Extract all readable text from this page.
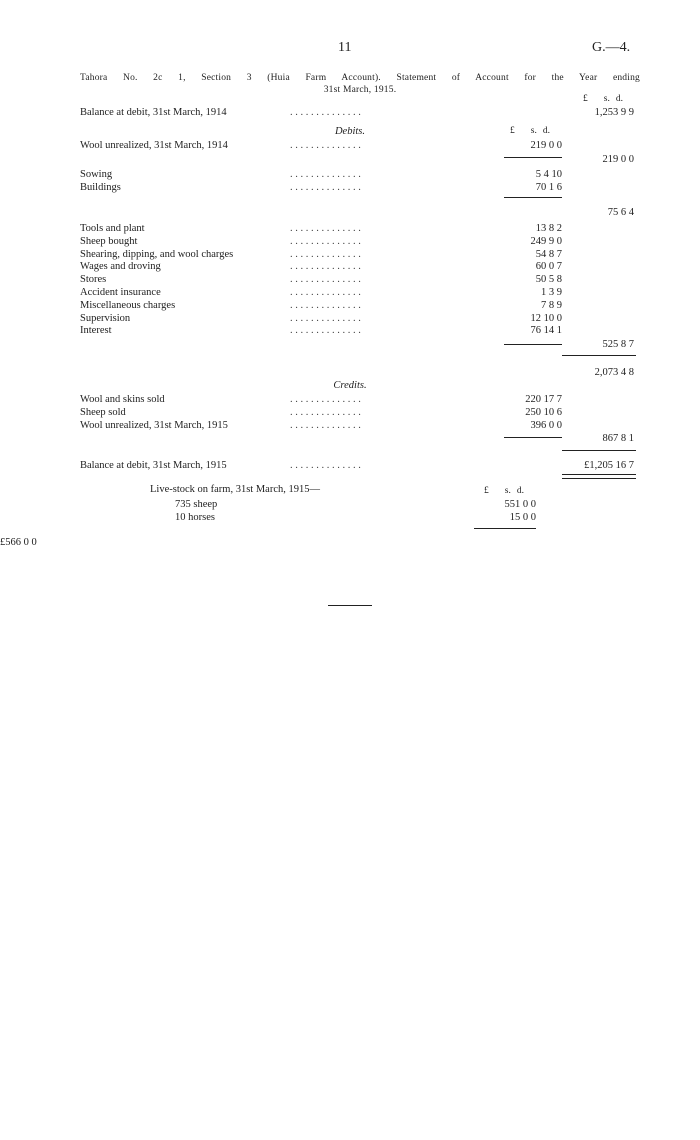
11	G.—4.
Tahora No. 2c 1, Section 3 (Huia Farm Account). Statement of Account for the Year ending
31st March, 1915.
£ s. d.
Balance at debit, 31st March, 1914	. . . . . . . . . . . . . .	1,253 9 9
Debits.	£ s. d.
Wool unrealized, 31st March, 1914	. . . . . . . . . . . . . .	219 0 0
219 0 0
Sowing	. . . . . . . . . . . . . .	5 4 10
Buildings	. . . . . . . . . . . . . .	70 1 6
75 6 4
Tools and plant	. . . . . . . . . . . . . .	13 8 2
Sheep bought	. . . . . . . . . . . . . .	249 9 0
Shearing, dipping, and wool charges	. . . . . . . . . . . . . .	54 8 7
Wages and droving	. . . . . . . . . . . . . .	60 0 7
Stores	. . . . . . . . . . . . . .	50 5 8
Accident insurance	. . . . . . . . . . . . . .	1 3 9
Miscellaneous charges	. . . . . . . . . . . . . .	7 8 9
Supervision	. . . . . . . . . . . . . .	12 10 0
Interest	. . . . . . . . . . . . . .	76 14 1
525 8 7
2,073 4 8
Credits.
Wool and skins sold	. . . . . . . . . . . . . .	220 17 7
Sheep sold	. . . . . . . . . . . . . .	250 10 6
Wool unrealized, 31st March, 1915	. . . . . . . . . . . . . .	396 0 0
867 8 1
Balance at debit, 31st March, 1915	. . . . . . . . . . . . . .	£1,205 16 7
Live-stock on farm, 31st March, 1915—	£ s. d.
735 sheep	551 0 0
10 horses	15 0 0
£566 0 0
